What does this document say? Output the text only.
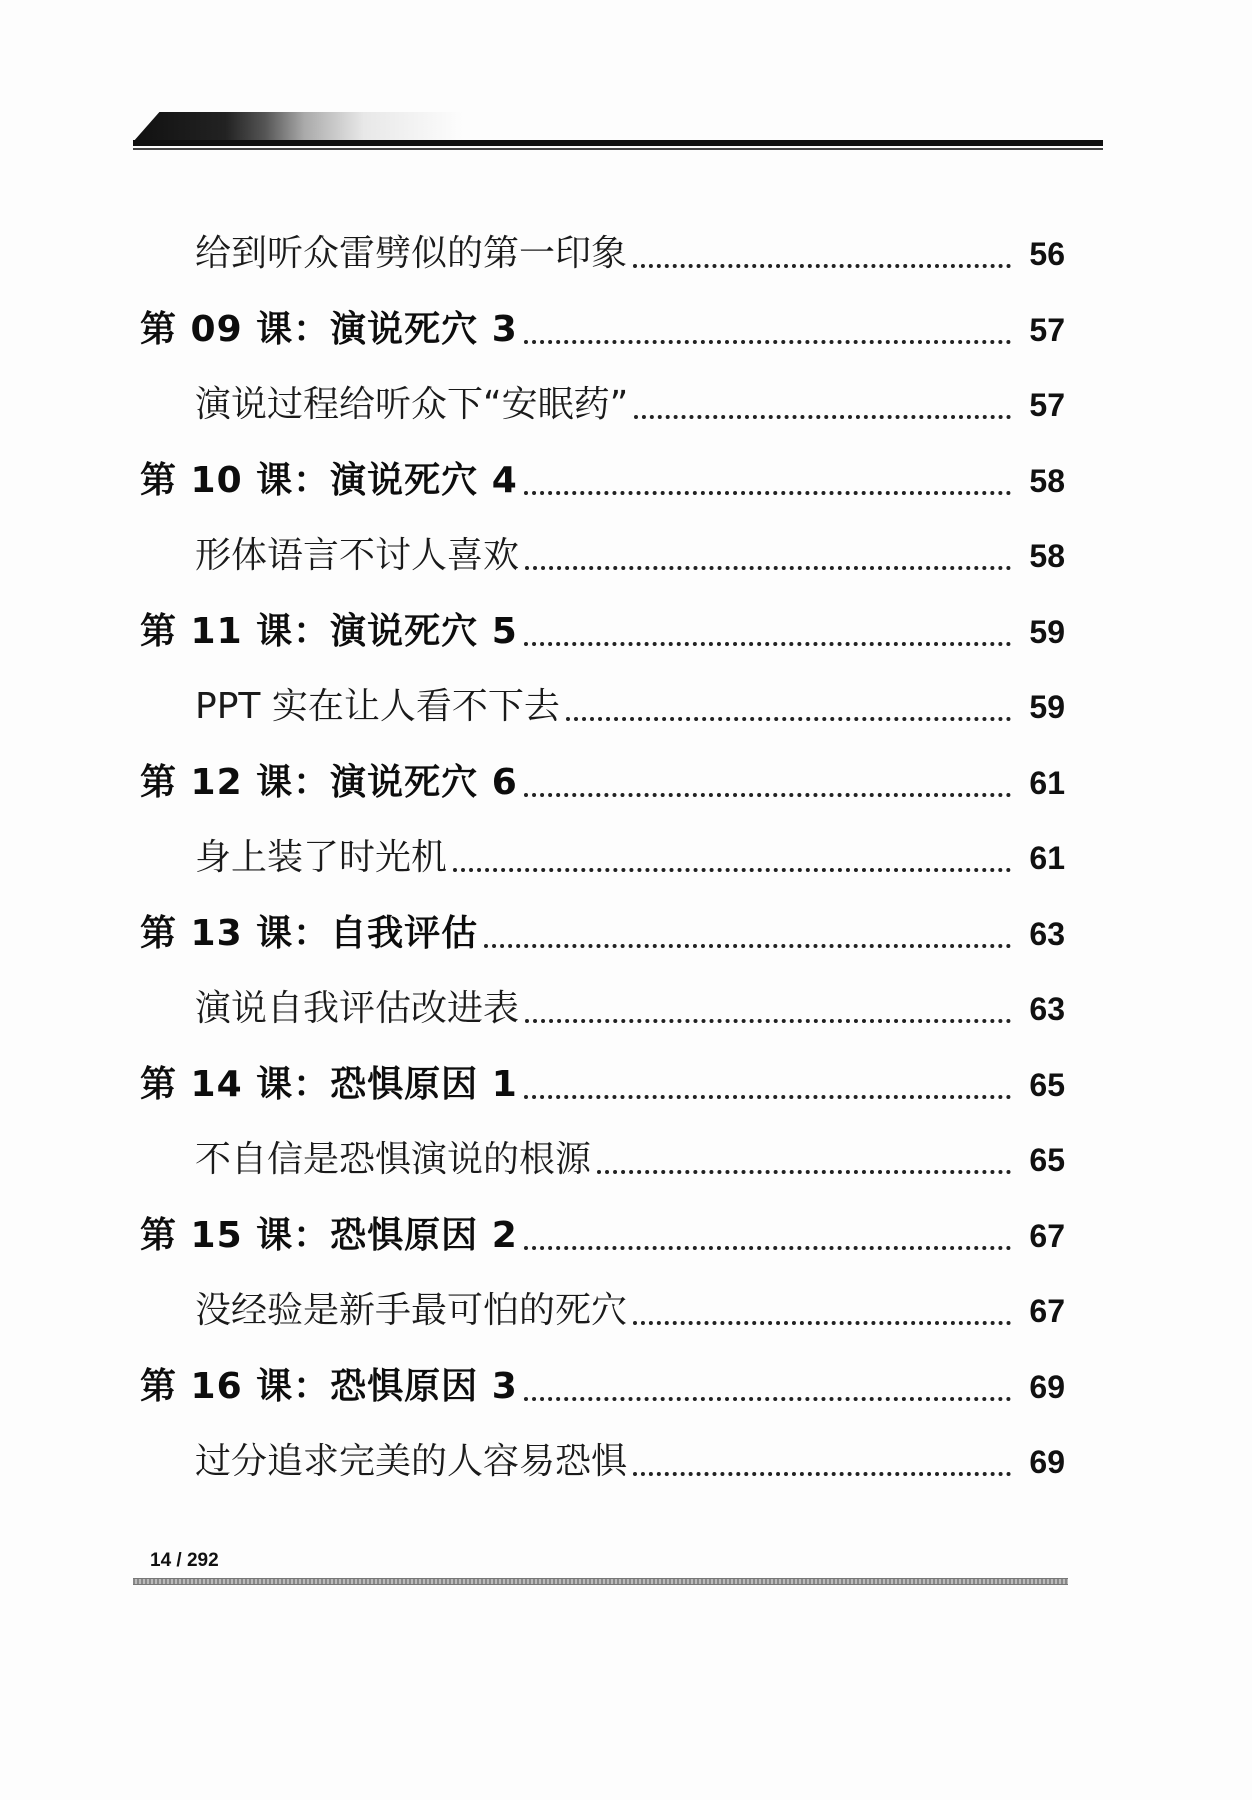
给到听众雷劈似的第一印象	56
第 09 课：演说死穴 3	57
演说过程给听众下“安眠药”	57
第 10 课：演说死穴 4	58
形体语言不讨人喜欢	58
第 11 课：演说死穴 5	59
PPT 实在让人看不下去	59
第 12 课：演说死穴 6	61
身上装了时光机	61
第 13 课：自我评估	63
演说自我评估改进表	63
第 14 课：恐惧原因 1	65
不自信是恐惧演说的根源	65
第 15 课：恐惧原因 2	67
没经验是新手最可怕的死穴	67
第 16 课：恐惧原因 3	69
过分追求完美的人容易恐惧	69
14 / 292
